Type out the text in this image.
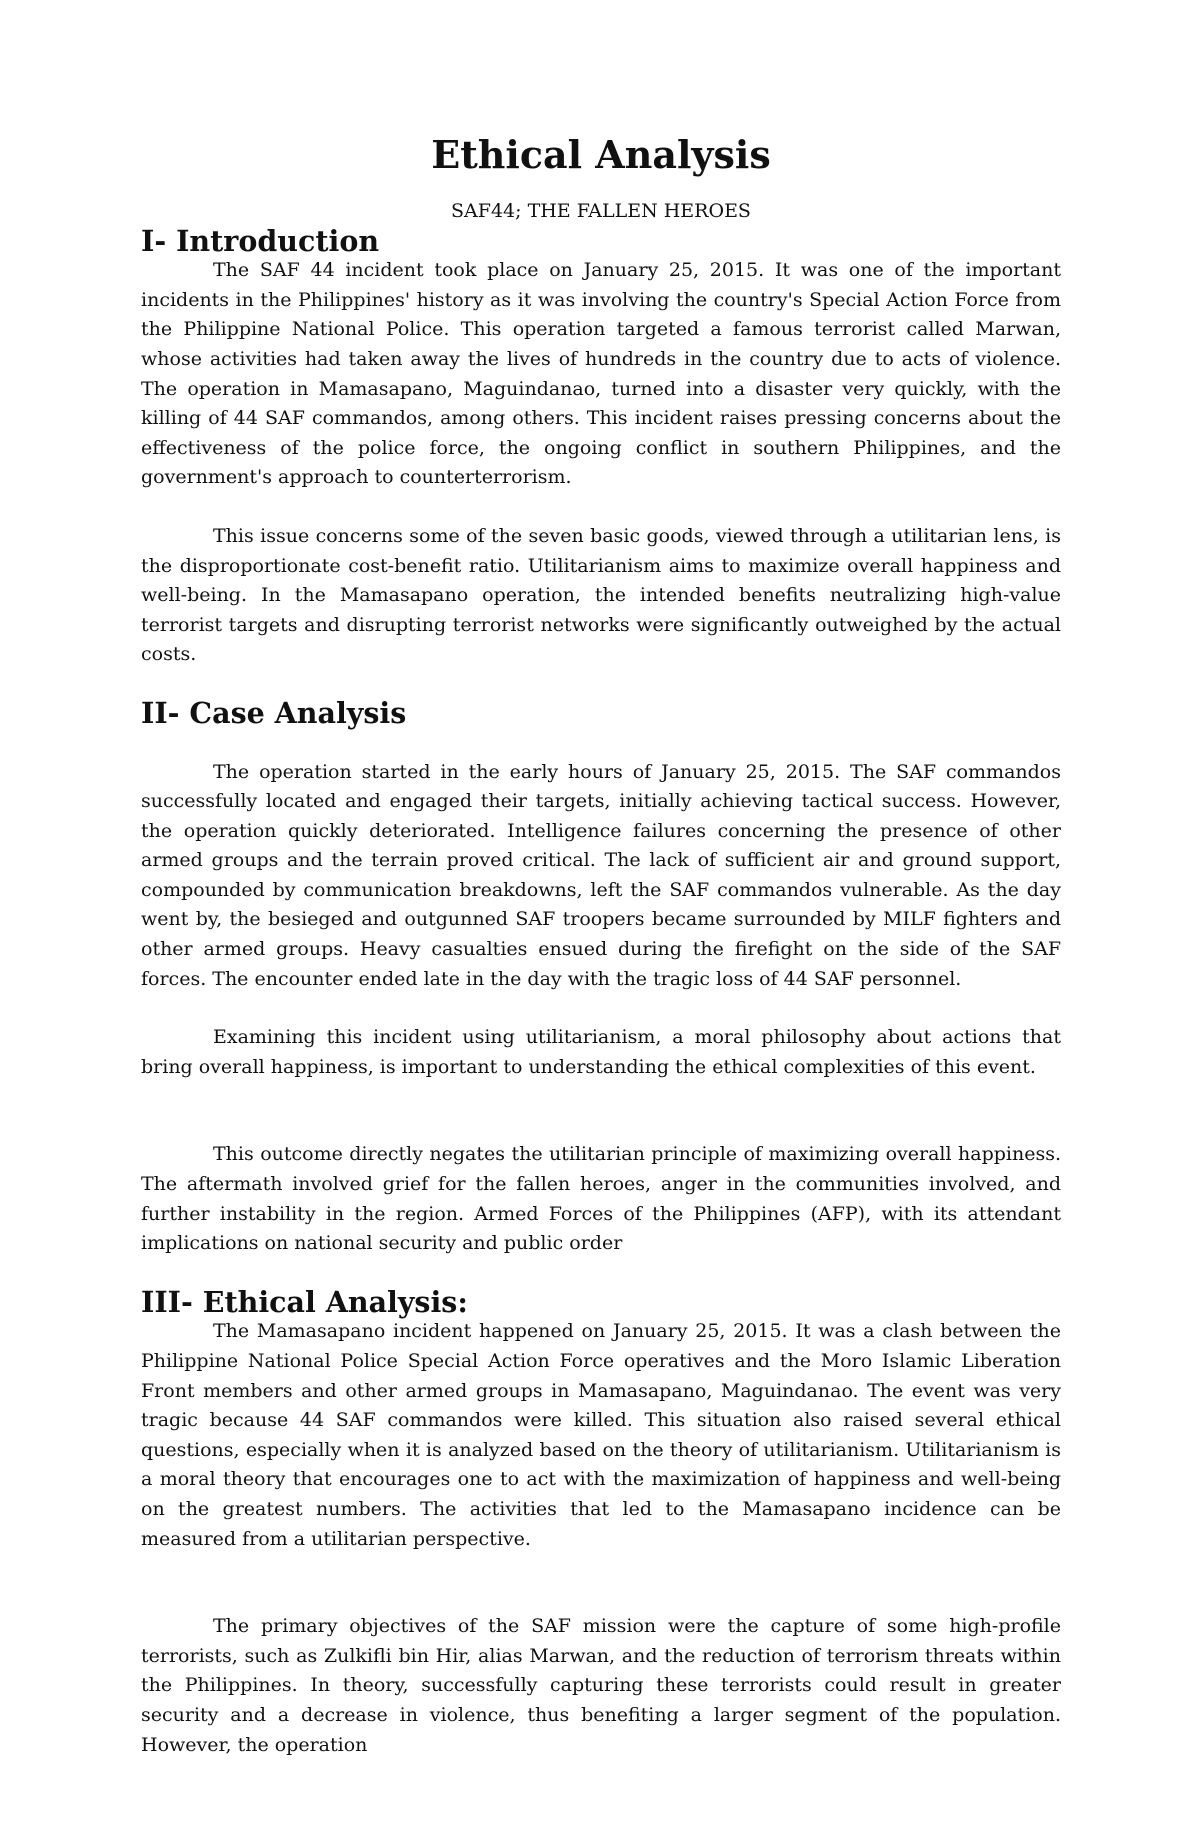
Ethical Analysis
SAF44; THE FALLEN HEROES
I- Introduction

The SAF 44 incident took place on January 25, 2015. It was one of the important incidents in the Philippines' history as it was involving the country's Special Action Force from the Philippine National Police. This operation targeted a famous terrorist called Marwan, whose activities had taken away the lives of hundreds in the country due to acts of violence. The operation in Mamasapano, Maguindanao, turned into a disaster very quickly, with the killing of 44 SAF commandos, among others. This incident raises pressing concerns about the effectiveness of the police force, the ongoing conflict in southern Philippines, and the government's approach to counterterrorism.

This issue concerns some of the seven basic goods, viewed through a utilitarian lens, is the disproportionate cost-benefit ratio. Utilitarianism aims to maximize overall happiness and well-being. In the Mamasapano operation, the intended benefits neutralizing high-value terrorist targets and disrupting terrorist networks were significantly outweighed by the actual costs.

II- Case Analysis

The operation started in the early hours of January 25, 2015. The SAF commandos successfully located and engaged their targets, initially achieving tactical success. However, the operation quickly deteriorated. Intelligence failures concerning the presence of other armed groups and the terrain proved critical. The lack of sufficient air and ground support, compounded by communication breakdowns, left the SAF commandos vulnerable. As the day went by, the besieged and outgunned SAF troopers became surrounded by MILF fighters and other armed groups. Heavy casualties ensued during the firefight on the side of the SAF forces. The encounter ended late in the day with the tragic loss of 44 SAF personnel.

Examining this incident using utilitarianism, a moral philosophy about actions that bring overall happiness, is important to understanding the ethical complexities of this event.

This outcome directly negates the utilitarian principle of maximizing overall happiness. The aftermath involved grief for the fallen heroes, anger in the communities involved, and further instability in the region. Armed Forces of the Philippines (AFP), with its attendant implications on national security and public order

III- Ethical Analysis:

The Mamasapano incident happened on January 25, 2015. It was a clash between the Philippine National Police Special Action Force operatives and the Moro Islamic Liberation Front members and other armed groups in Mamasapano, Maguindanao. The event was very tragic because 44 SAF commandos were killed. This situation also raised several ethical questions, especially when it is analyzed based on the theory of utilitarianism. Utilitarianism is a moral theory that encourages one to act with the maximization of happiness and well-being on the greatest numbers. The activities that led to the Mamasapano incidence can be measured from a utilitarian perspective.

The primary objectives of the SAF mission were the capture of some high-profile terrorists, such as Zulkifli bin Hir, alias Marwan, and the reduction of terrorism threats within the Philippines. In theory, successfully capturing these terrorists could result in greater security and a decrease in violence, thus benefiting a larger segment of the population. However, the operation
